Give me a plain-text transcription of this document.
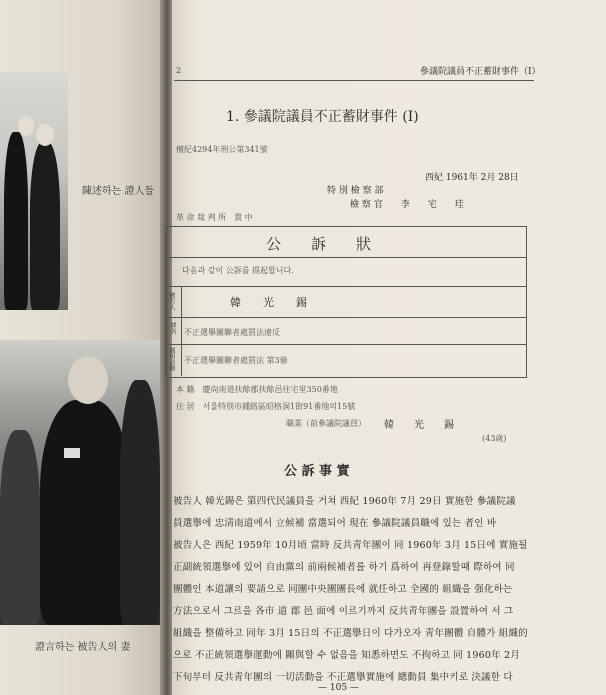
陳述하는 證人들
證言하는 被告人의 妻
2	參議院議員不正蓄財事件（I）
1. 參議院議員不正蓄財事件 (I)
檀紀4294年刑公第341號
西紀 1961年 2月 28日
特 別 檢 察 部
檢 察 官　　李　　宅　　珪
革 命 裁 判 所　貴 中
公　　訴　　狀
다음과 같이 公訴를 提起합니다.
被告人	韓　　光　　錫
罪名 不正選擧關聯者處罰法違反
適用法條 不正選擧關聯者處罰法 第3條
本 籍　慶尙南道扶餘郡扶餘邑住宅里350番地
住 居　서울特別市鍾路區昭格洞1街91番地의15號
職業（前參議院議員） 韓　　光　　錫
(43歲)
公 訴 事 實
被告人 韓光錫은 第四代民議員을 거쳐 西紀 1960年 7月 29日 實施한 參議院議
員選擧에 忠淸南道에서 立候補 當選되어 現在 參議院議員職에 있는 者인 바
被告人은 西紀 1959年 10月頃 當時 反共靑年團이 同 1960年 3月 15日에 實施될
正副統領選擧에 있어 自由黨의 前兩候補者를 하기 爲하여 再登錄할때 際하여 同
團體인 本道讓의 要請으로 同團中央團團長에 就任하고 全國的 組織을 强化하는
方法으로서 그르을 各市 道 郡 邑 面에 이르기까지 反共靑年團을 設置하여 서 그
組織을 整備하고 同年 3月 15日의 不正選擧日이 다가오자 靑年團體 自體가 組織的
으로 不正統領選擧運動에 關與할 수 없음을 知悉하면도 不拘하고 同 1960年 2月
下旬부터 反共靑年團의 一切活動을 不正選擧實施에 總動員 集中키로 決議한 다
— 105 —
